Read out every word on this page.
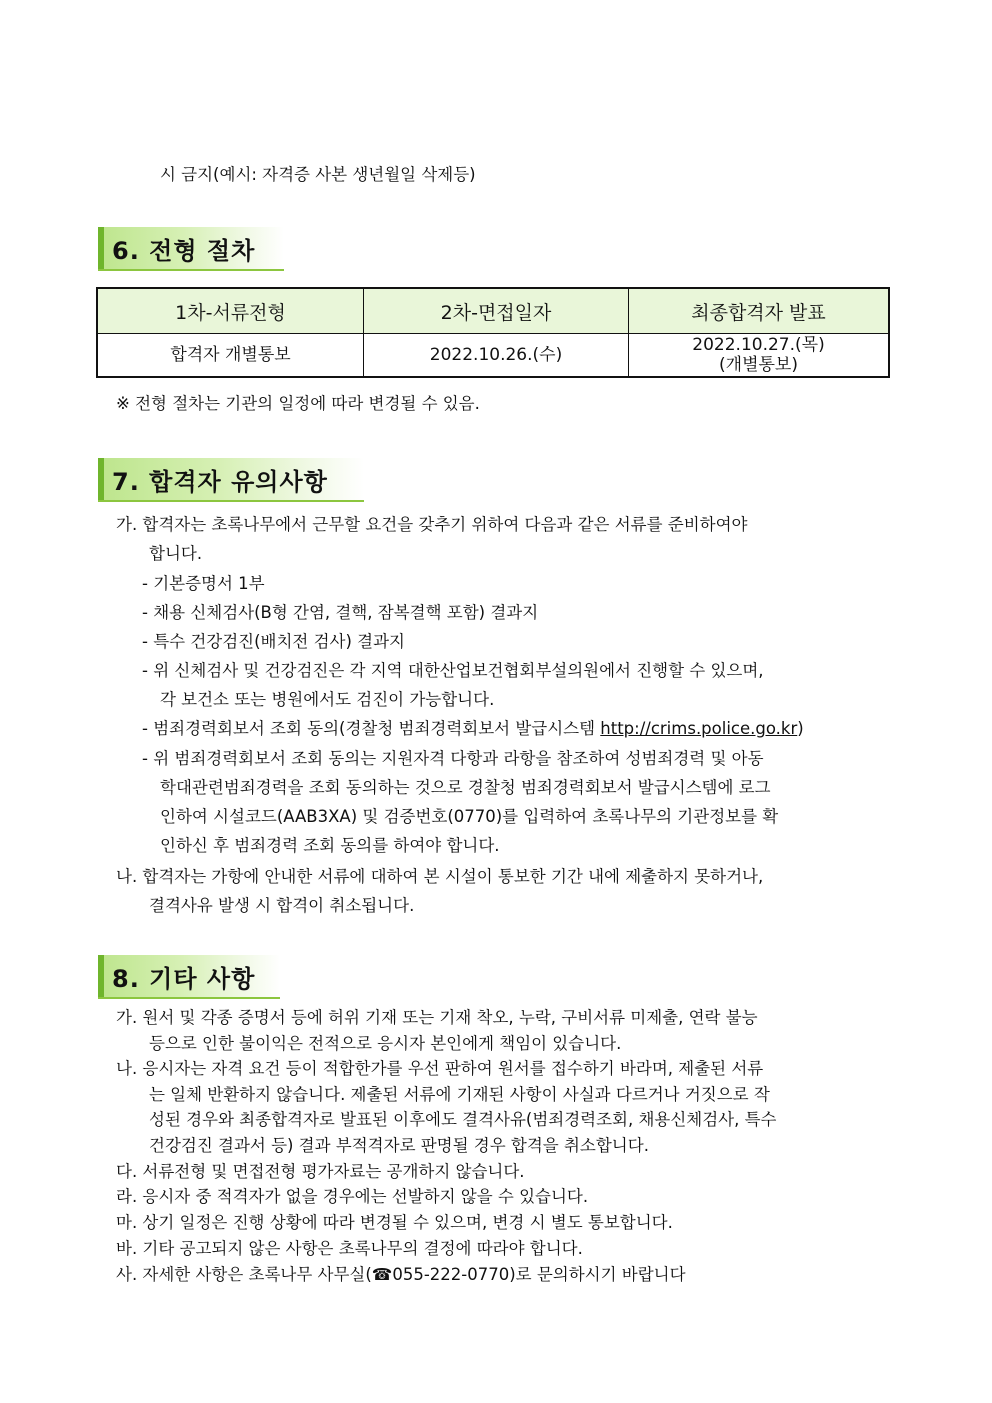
시 금지(예시: 자격증 사본 생년월일 삭제등)
6. 전형 절차
1차-서류전형	2차-면접일자	최종합격자 발표
합격자 개별통보	2022.10.26.(수)	2022.10.27.(목)
(개별통보)
※ 전형 절차는 기관의 일정에 따라 변경될 수 있음.
7. 합격자 유의사항
가. 합격자는 초록나무에서 근무할 요건을 갖추기 위하여 다음과 같은 서류를 준비하여야
합니다.
- 기본증명서 1부
- 채용 신체검사(B형 간염, 결핵, 잠복결핵 포함) 결과지
- 특수 건강검진(배치전 검사) 결과지
- 위 신체검사 및 건강검진은 각 지역 대한산업보건협회부설의원에서 진행할 수 있으며,
각 보건소 또는 병원에서도 검진이 가능합니다.
- 범죄경력회보서 조회 동의(경찰청 범죄경력회보서 발급시스템 http://crims.police.go.kr)
- 위 범죄경력회보서 조회 동의는 지원자격 다항과 라항을 참조하여 성범죄경력 및 아동
학대관련범죄경력을 조회 동의하는 것으로 경찰청 범죄경력회보서 발급시스템에 로그
인하여 시설코드(AAB3XA) 및 검증번호(0770)를 입력하여 초록나무의 기관정보를 확
인하신 후 범죄경력 조회 동의를 하여야 합니다.
나. 합격자는 가항에 안내한 서류에 대하여 본 시설이 통보한 기간 내에 제출하지 못하거나,
결격사유 발생 시 합격이 취소됩니다.
8. 기타 사항
가. 원서 및 각종 증명서 등에 허위 기재 또는 기재 착오, 누락, 구비서류 미제출, 연락 불능
등으로 인한 불이익은 전적으로 응시자 본인에게 책임이 있습니다.
나. 응시자는 자격 요건 등이 적합한가를 우선 판하여 원서를 접수하기 바라며, 제출된 서류
는 일체 반환하지 않습니다. 제출된 서류에 기재된 사항이 사실과 다르거나 거짓으로 작
성된 경우와 최종합격자로 발표된 이후에도 결격사유(범죄경력조회, 채용신체검사, 특수
건강검진 결과서 등) 결과 부적격자로 판명될 경우 합격을 취소합니다.
다. 서류전형 및 면접전형 평가자료는 공개하지 않습니다.
라. 응시자 중 적격자가 없을 경우에는 선발하지 않을 수 있습니다.
마. 상기 일정은 진행 상황에 따라 변경될 수 있으며, 변경 시 별도 통보합니다.
바. 기타 공고되지 않은 사항은 초록나무의 결정에 따라야 합니다.
사. 자세한 사항은 초록나무 사무실(☎055-222-0770)로 문의하시기 바랍니다
